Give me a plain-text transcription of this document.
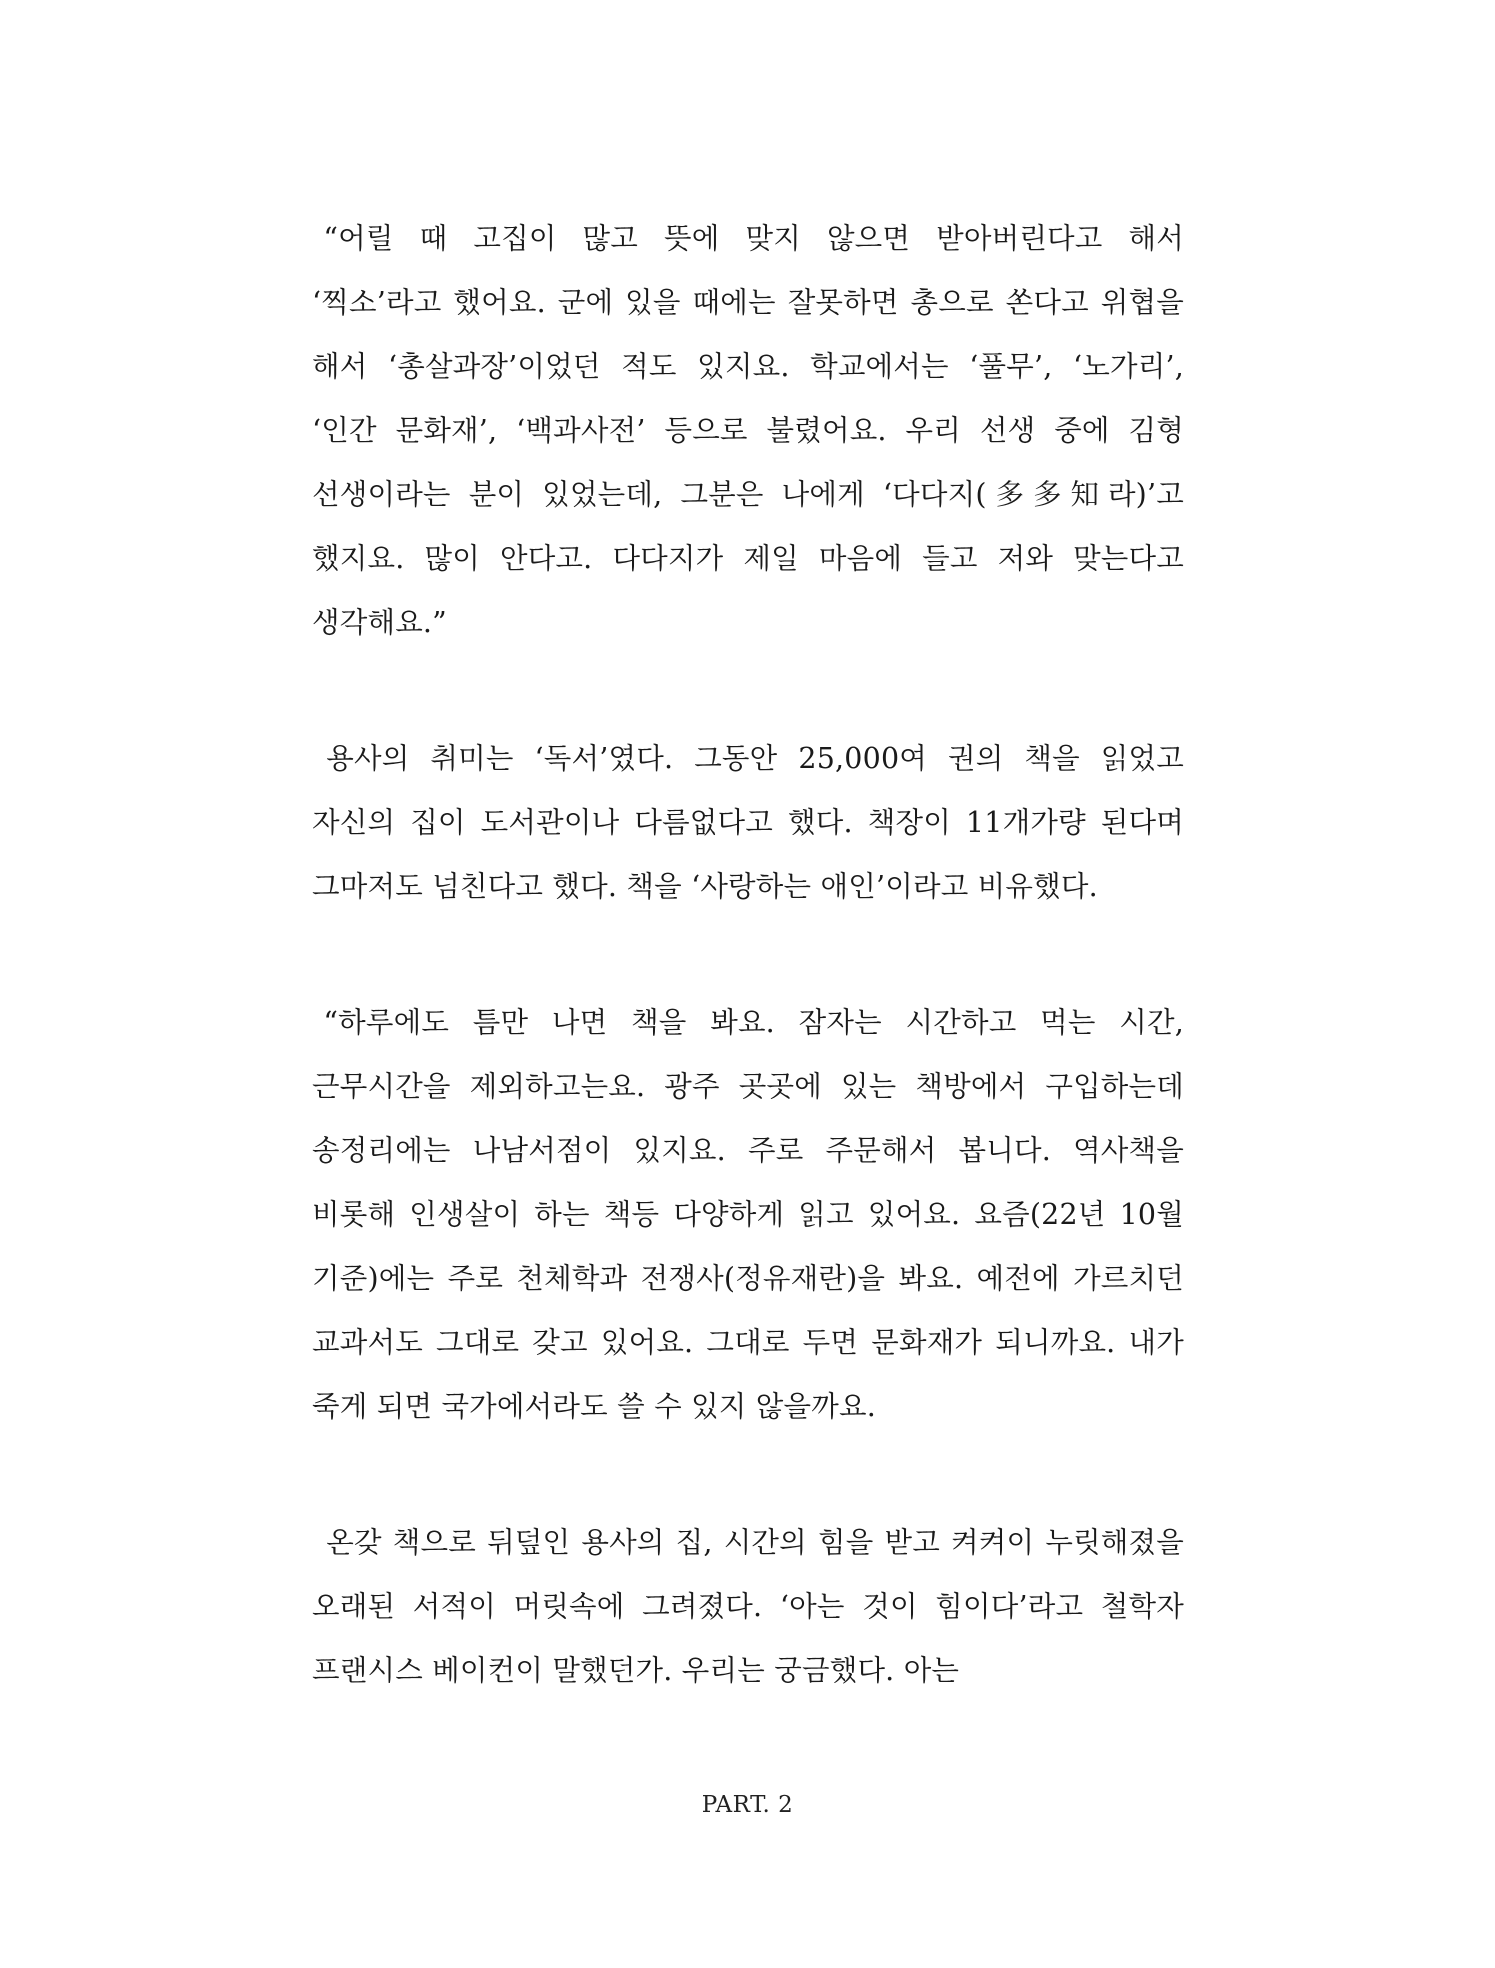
“어릴 때 고집이 많고 뜻에 맞지 않으면 받아버린다고 해서 ‘찍소’라고 했어요. 군에 있을 때에는 잘못하면 총으로 쏜다고 위협을 해서 ‘총살과장’이었던 적도 있지요. 학교에서는 ‘풀무’, ‘노가리’, ‘인간 문화재’, ‘백과사전’ 등으로 불렸어요. 우리 선생 중에 김형 선생이라는 분이 있었는데, 그분은 나에게 ‘다다지(多多知라)’고 했지요. 많이 안다고. 다다지가 제일 마음에 들고 저와 맞는다고 생각해요.”

용사의 취미는 ‘독서’였다. 그동안 25,000여 권의 책을 읽었고 자신의 집이 도서관이나 다름없다고 했다. 책장이 11개가량 된다며 그마저도 넘친다고 했다. 책을 ‘사랑하는 애인’이라고 비유했다.

“하루에도 틈만 나면 책을 봐요. 잠자는 시간하고 먹는 시간, 근무시간을 제외하고는요. 광주 곳곳에 있는 책방에서 구입하는데 송정리에는 나남서점이 있지요. 주로 주문해서 봅니다. 역사책을 비롯해 인생살이 하는 책등 다양하게 읽고 있어요. 요즘(22년 10월 기준)에는 주로 천체학과 전쟁사(정유재란)을 봐요. 예전에 가르치던 교과서도 그대로 갖고 있어요. 그대로 두면 문화재가 되니까요. 내가 죽게 되면 국가에서라도 쓸 수 있지 않을까요.

온갖 책으로 뒤덮인 용사의 집, 시간의 힘을 받고 켜켜이 누릿해졌을 오래된 서적이 머릿속에 그려졌다. ‘아는 것이 힘이다’라고 철학자 프랜시스 베이컨이 말했던가. 우리는 궁금했다. 아는

PART. 2
